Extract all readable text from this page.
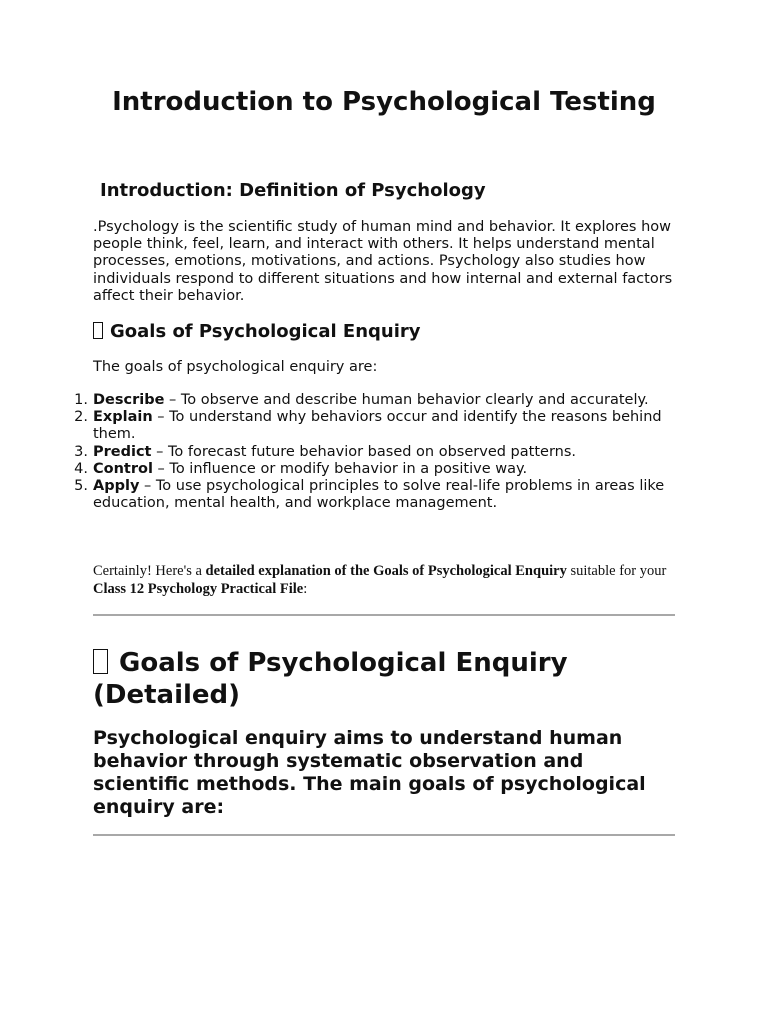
Introduction to Psychological Testing
Introduction: Definition of Psychology

.Psychology is the scientific study of human mind and behavior. It explores how people think, feel, learn, and interact with others. It helps understand mental processes, emotions, motivations, and actions. Psychology also studies how individuals respond to different situations and how internal and external factors affect their behavior.

Goals of Psychological Enquiry

The goals of psychological enquiry are:

1. Describe – To observe and describe human behavior clearly and accurately.
2. Explain – To understand why behaviors occur and identify the reasons behind them.
3. Predict – To forecast future behavior based on observed patterns.
4. Control – To influence or modify behavior in a positive way.
5. Apply – To use psychological principles to solve real-life problems in areas like education, mental health, and workplace management.

Certainly! Here's a detailed explanation of the Goals of Psychological Enquiry suitable for your Class 12 Psychology Practical File:

Goals of Psychological Enquiry (Detailed)
Psychological enquiry aims to understand human behavior through systematic observation and scientific methods. The main goals of psychological enquiry are:
